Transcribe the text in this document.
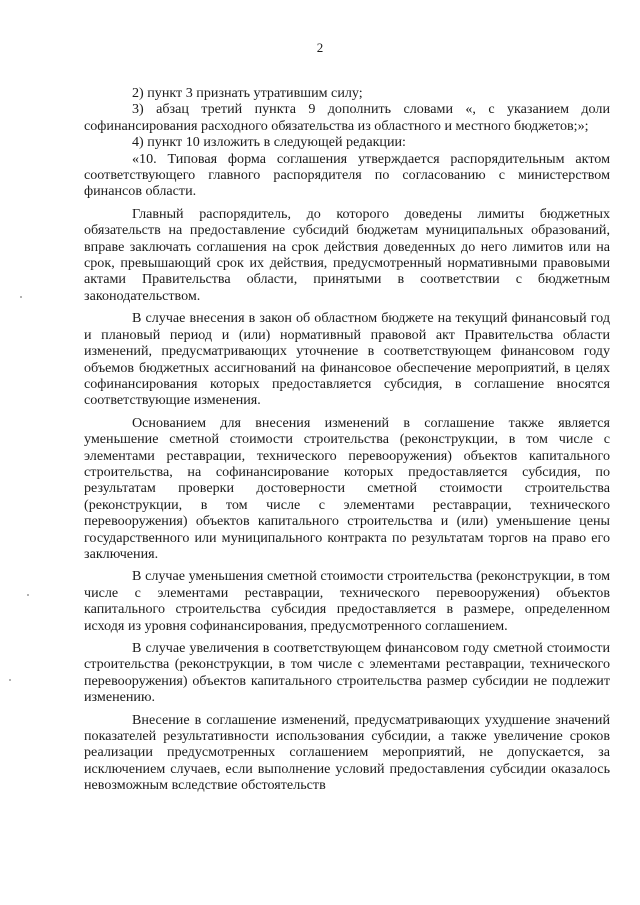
2

2) пункт 3 признать утратившим силу;

3) абзац третий пункта 9 дополнить словами «, с указанием доли софинансирования расходного обязательства из областного и местного бюджетов;»;

4) пункт 10 изложить в следующей редакции:

«10. Типовая форма соглашения утверждается распорядительным актом соответствующего главного распорядителя по согласованию с министерством финансов области.

Главный распорядитель, до которого доведены лимиты бюджетных обязательств на предоставление субсидий бюджетам муниципальных образований, вправе заключать соглашения на срок действия доведенных до него лимитов или на срок, превышающий срок их действия, предусмотренный нормативными правовыми актами Правительства области, принятыми в соответствии с бюджетным законодательством.

В случае внесения в закон об областном бюджете на текущий финансовый год и плановый период и (или) нормативный правовой акт Правительства области изменений, предусматривающих уточнение в соответствующем финансовом году объемов бюджетных ассигнований на финансовое обеспечение мероприятий, в целях софинансирования которых предоставляется субсидия, в соглашение вносятся соответствующие изменения.

Основанием для внесения изменений в соглашение также является уменьшение сметной стоимости строительства (реконструкции, в том числе с элементами реставрации, технического перевооружения) объектов капитального строительства, на софинансирование которых предоставляется субсидия, по результатам проверки достоверности сметной стоимости строительства (реконструкции, в том числе с элементами реставрации, технического перевооружения) объектов капитального строительства и (или) уменьшение цены государственного или муниципального контракта по результатам торгов на право его заключения.

В случае уменьшения сметной стоимости строительства (реконструкции, в том числе с элементами реставрации, технического перевооружения) объектов капитального строительства субсидия предоставляется в размере, определенном исходя из уровня софинансирования, предусмотренного соглашением.

В случае увеличения в соответствующем финансовом году сметной стоимости строительства (реконструкции, в том числе с элементами реставрации, технического перевооружения) объектов капитального строительства размер субсидии не подлежит изменению.

Внесение в соглашение изменений, предусматривающих ухудшение значений показателей результативности использования субсидии, а также увеличение сроков реализации предусмотренных соглашением мероприятий, не допускается, за исключением случаев, если выполнение условий предоставления субсидии оказалось невозможным вследствие обстоятельств
